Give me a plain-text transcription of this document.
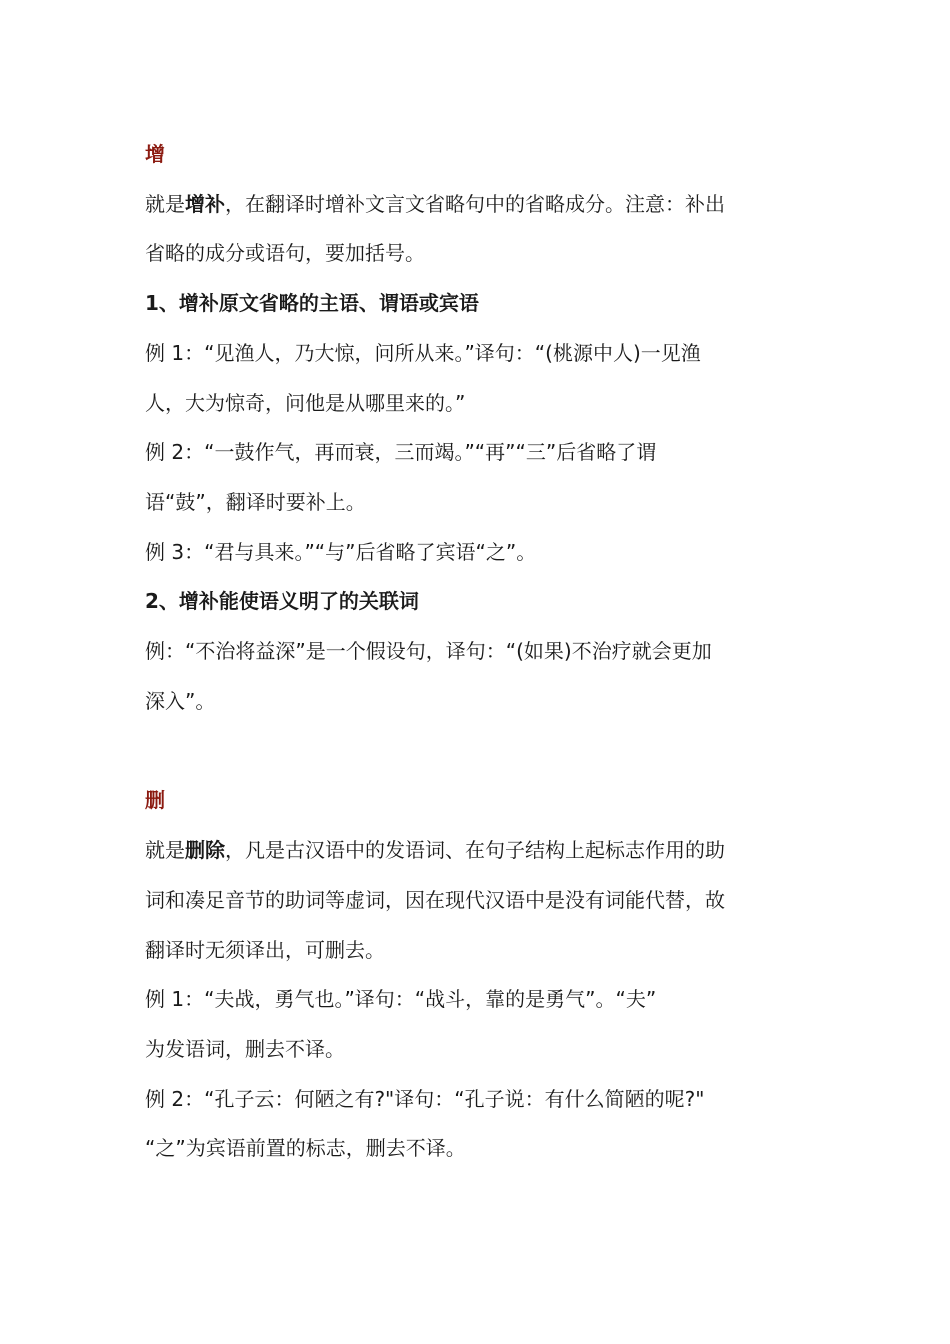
增

就是增补，在翻译时增补文言文省略句中的省略成分。注意：补出

省略的成分或语句，要加括号。

1、增补原文省略的主语、谓语或宾语

例 1：“见渔人，乃大惊，问所从来。”译句：“(桃源中人)一见渔

人，大为惊奇，问他是从哪里来的。”

例 2：“一鼓作气，再而衰，三而竭。”“再”“三”后省略了谓

语“鼓”，翻译时要补上。

例 3：“君与具来。”“与”后省略了宾语“之”。

2、增补能使语义明了的关联词

例：“不治将益深”是一个假设句，译句：“(如果)不治疗就会更加

深入”。

删

就是删除，凡是古汉语中的发语词、在句子结构上起标志作用的助

词和凑足音节的助词等虚词，因在现代汉语中是没有词能代替，故

翻译时无须译出，可删去。

例 1：“夫战，勇气也。”译句：“战斗，靠的是勇气”。“夫”

为发语词，删去不译。

例 2：“孔子云：何陋之有?"译句：“孔子说：有什么简陋的呢?"

“之”为宾语前置的标志，删去不译。
